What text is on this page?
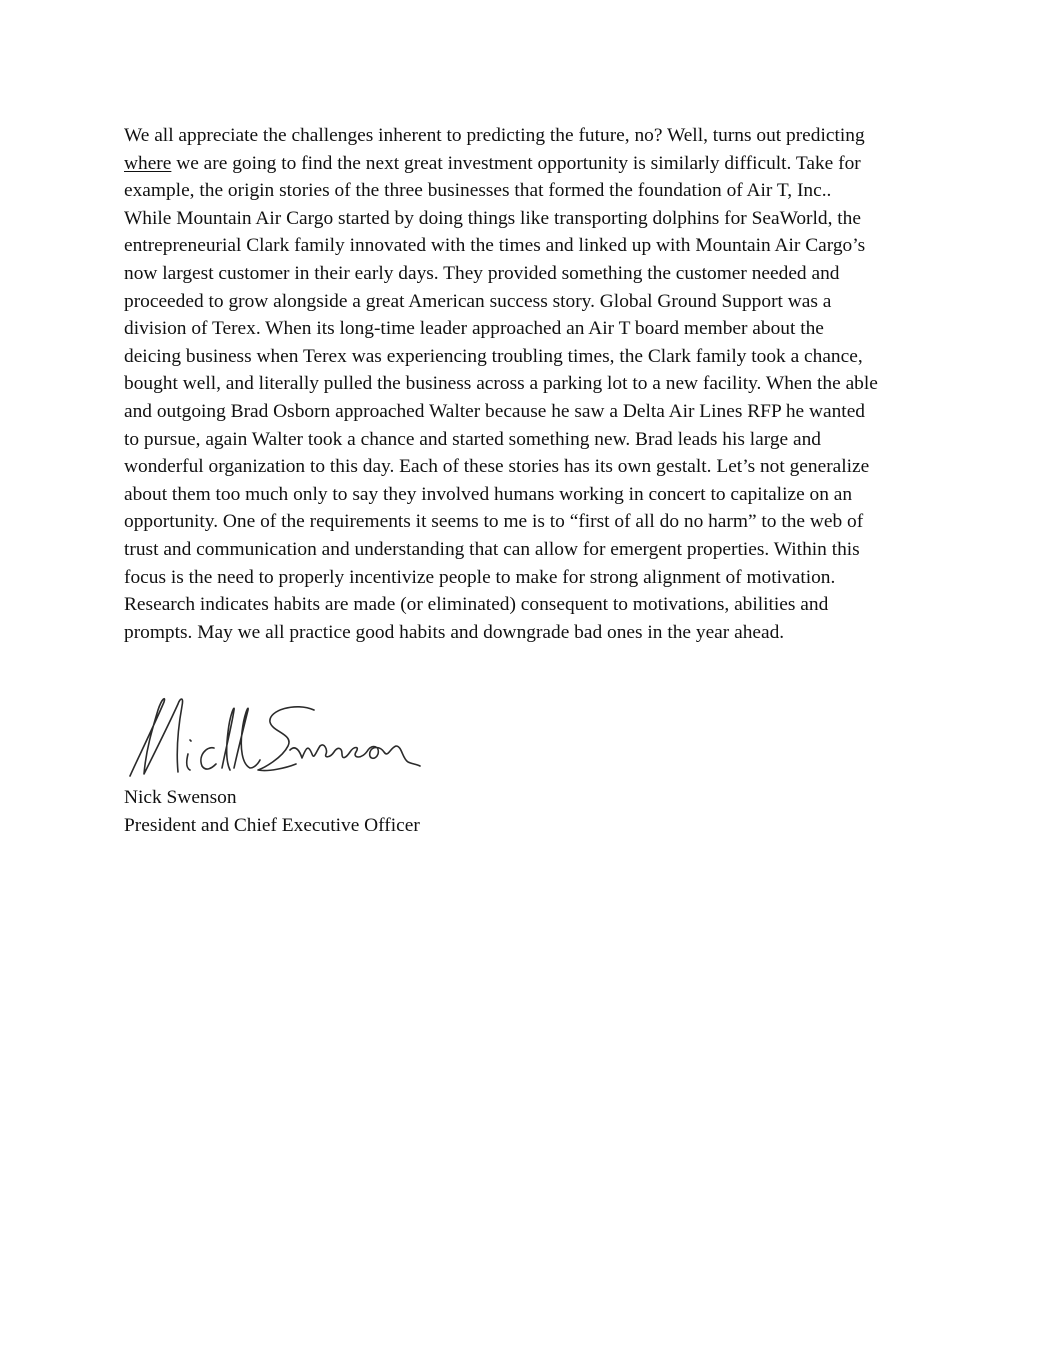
We all appreciate the challenges inherent to predicting the future, no? Well, turns out predicting
where we are going to find the next great investment opportunity is similarly difficult. Take for
example, the origin stories of the three businesses that formed the foundation of Air T, Inc..
While Mountain Air Cargo started by doing things like transporting dolphins for SeaWorld, the
entrepreneurial Clark family innovated with the times and linked up with Mountain Air Cargo’s
now largest customer in their early days. They provided something the customer needed and
proceeded to grow alongside a great American success story. Global Ground Support was a
division of Terex. When its long-time leader approached an Air T board member about the
deicing business when Terex was experiencing troubling times, the Clark family took a chance,
bought well, and literally pulled the business across a parking lot to a new facility. When the able
and outgoing Brad Osborn approached Walter because he saw a Delta Air Lines RFP he wanted
to pursue, again Walter took a chance and started something new. Brad leads his large and
wonderful organization to this day. Each of these stories has its own gestalt. Let’s not generalize
about them too much only to say they involved humans working in concert to capitalize on an
opportunity. One of the requirements it seems to me is to “first of all do no harm” to the web of
trust and communication and understanding that can allow for emergent properties. Within this
focus is the need to properly incentivize people to make for strong alignment of motivation.
Research indicates habits are made (or eliminated) consequent to motivations, abilities and
prompts. May we all practice good habits and downgrade bad ones in the year ahead.

Nick Swenson
President and Chief Executive Officer
